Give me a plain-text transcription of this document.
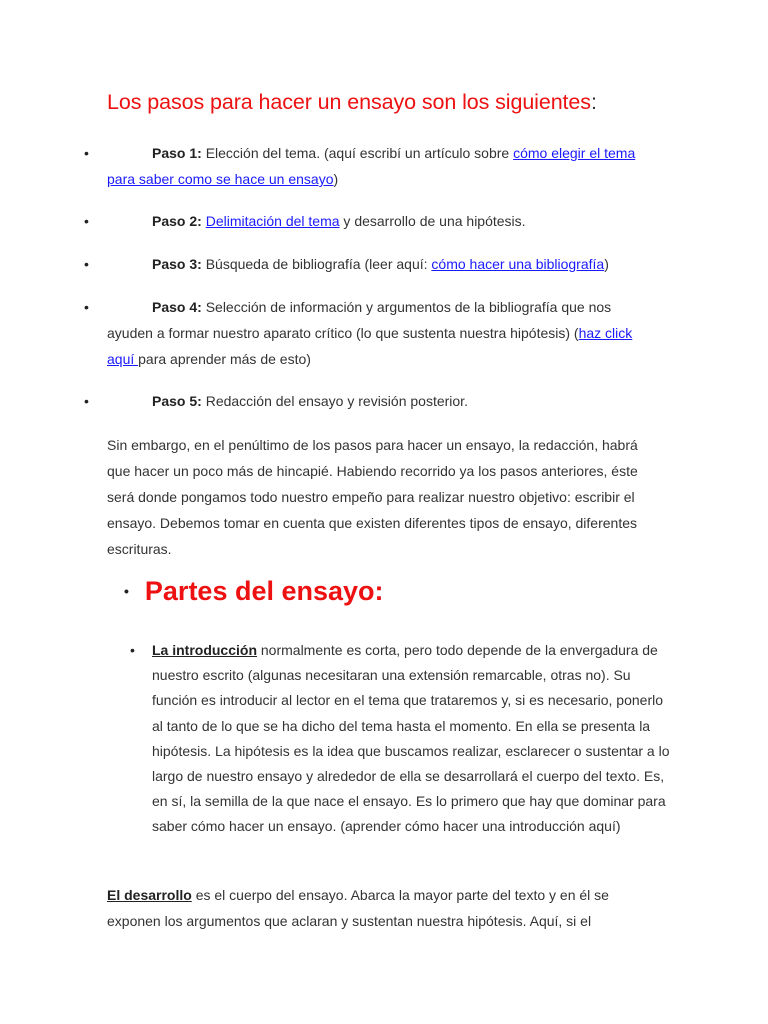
Los pasos para hacer un ensayo son los siguientes:
•	Paso 1: Elección del tema. (aquí escribí un artículo sobre cómo elegir el tema para saber como se hace un ensayo)
•	Paso 2: Delimitación del tema y desarrollo de una hipótesis.
•	Paso 3: Búsqueda de bibliografía (leer aquí: cómo hacer una bibliografía)
•	Paso 4: Selección de información y argumentos de la bibliografía que nos ayuden a formar nuestro aparato crítico (lo que sustenta nuestra hipótesis) (haz click aquí para aprender más de esto)
•	Paso 5: Redacción del ensayo y revisión posterior.
Sin embargo, en el penúltimo de los pasos para hacer un ensayo, la redacción, habrá que hacer un poco más de hincapié. Habiendo recorrido ya los pasos anteriores, éste será donde pongamos todo nuestro empeño para realizar nuestro objetivo: escribir el ensayo. Debemos tomar en cuenta que existen diferentes tipos de ensayo, diferentes escrituras.
• Partes del ensayo:
• La introducción normalmente es corta, pero todo depende de la envergadura de nuestro escrito (algunas necesitaran una extensión remarcable, otras no). Su función es introducir al lector en el tema que trataremos y, si es necesario, ponerlo al tanto de lo que se ha dicho del tema hasta el momento. En ella se presenta la hipótesis. La hipótesis es la idea que buscamos realizar, esclarecer o sustentar a lo largo de nuestro ensayo y alrededor de ella se desarrollará el cuerpo del texto. Es, en sí, la semilla de la que nace el ensayo. Es lo primero que hay que dominar para saber cómo hacer un ensayo. (aprender cómo hacer una introducción aquí)
El desarrollo es el cuerpo del ensayo. Abarca la mayor parte del texto y en él se exponen los argumentos que aclaran y sustentan nuestra hipótesis. Aquí, si el
